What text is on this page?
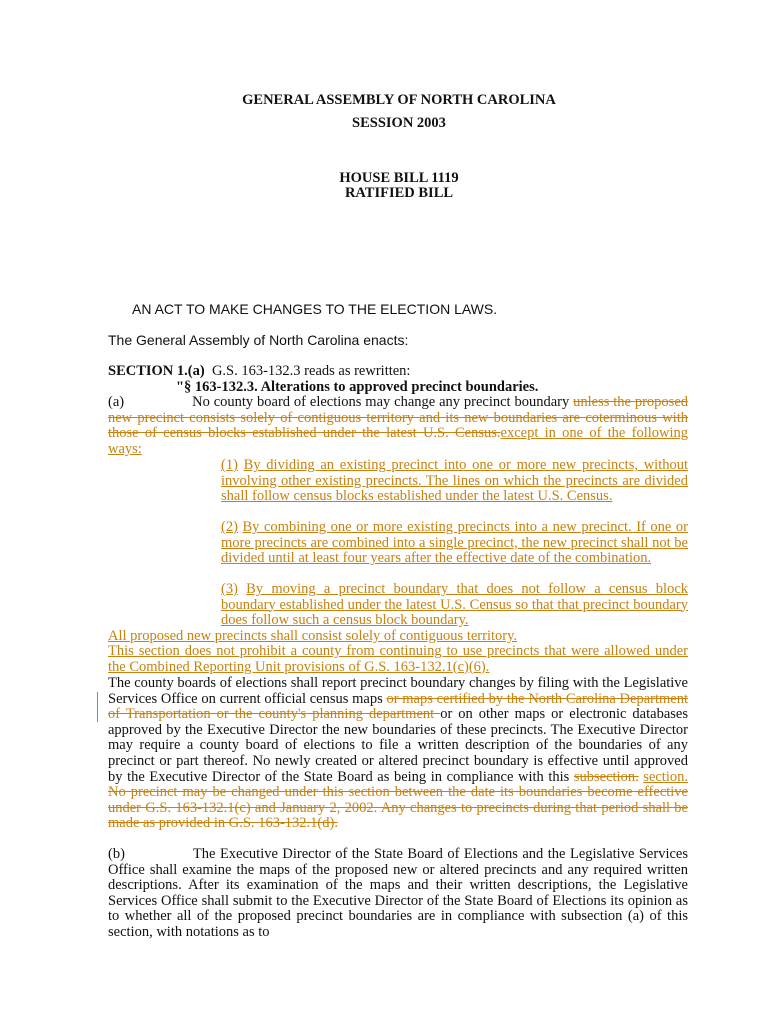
GENERAL ASSEMBLY OF NORTH CAROLINA
SESSION 2003
HOUSE BILL 1119
RATIFIED BILL
AN ACT TO MAKE CHANGES TO THE ELECTION LAWS.
The General Assembly of North Carolina enacts:
SECTION 1.(a) G.S. 163-132.3 reads as rewritten:
"§ 163-132.3. Alterations to approved precinct boundaries.
(a)	No county board of elections may change any precinct boundary unless the proposed new precinct consists solely of contiguous territory and its new boundaries are coterminous with those of census blocks established under the latest U.S. Census.except in one of the following ways:
(1) By dividing an existing precinct into one or more new precincts, without involving other existing precincts. The lines on which the precincts are divided shall follow census blocks established under the latest U.S. Census.
(2) By combining one or more existing precincts into a new precinct. If one or more precincts are combined into a single precinct, the new precinct shall not be divided until at least four years after the effective date of the combination.
(3) By moving a precinct boundary that does not follow a census block boundary established under the latest U.S. Census so that that precinct boundary does follow such a census block boundary.
All proposed new precincts shall consist solely of contiguous territory.
This section does not prohibit a county from continuing to use precincts that were allowed under the Combined Reporting Unit provisions of G.S. 163-132.1(c)(6).
The county boards of elections shall report precinct boundary changes by filing with the Legislative Services Office on current official census maps or maps certified by the North Carolina Department of Transportation or the county's planning department or on other maps or electronic databases approved by the Executive Director the new boundaries of these precincts. The Executive Director may require a county board of elections to file a written description of the boundaries of any precinct or part thereof. No newly created or altered precinct boundary is effective until approved by the Executive Director of the State Board as being in compliance with this subsection. section. No precinct may be changed under this section between the date its boundaries become effective under G.S. 163-132.1(c) and January 2, 2002. Any changes to precincts during that period shall be made as provided in G.S. 163-132.1(d).
(b)	The Executive Director of the State Board of Elections and the Legislative Services Office shall examine the maps of the proposed new or altered precincts and any required written descriptions. After its examination of the maps and their written descriptions, the Legislative Services Office shall submit to the Executive Director of the State Board of Elections its opinion as to whether all of the proposed precinct boundaries are in compliance with subsection (a) of this section, with notations as to
